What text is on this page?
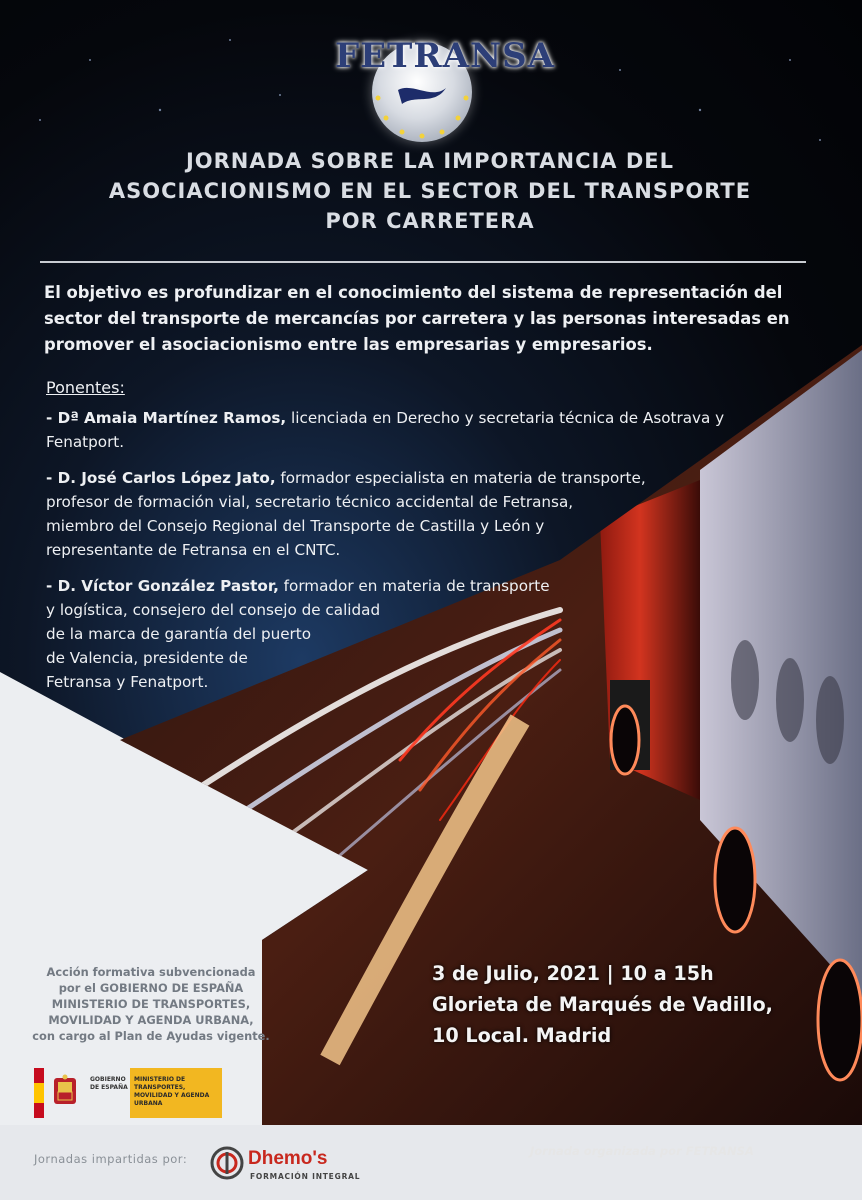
FETRANSA
JORNADA SOBRE LA IMPORTANCIA DEL
ASOCIACIONISMO EN EL SECTOR DEL TRANSPORTE
POR CARRETERA
El objetivo es profundizar en el conocimiento del sistema de representación del
sector del transporte de mercancías por carretera y las personas interesadas en
promover el asociacionismo entre las empresarias y empresarios.
Ponentes:
- Dª Amaia Martínez Ramos, licenciada en Derecho y secretaria técnica de Asotrava y
Fenatport.
- D. José Carlos López Jato, formador especialista en materia de transporte,
profesor de formación vial, secretario técnico accidental de Fetransa,
miembro del Consejo Regional del Transporte de Castilla y León y
representante de Fetransa en el CNTC.
- D. Víctor González Pastor, formador en materia de transporte
y logística, consejero del consejo de calidad
de la marca de garantía del puerto
de Valencia, presidente de
Fetransa y Fenatport.
3 de Julio, 2021 | 10 a 15h
Glorieta de Marqués de Vadillo,
10 Local. Madrid
Acción formativa subvencionada
por el GOBIERNO DE ESPAÑA
MINISTERIO DE TRANSPORTES,
MOVILIDAD Y AGENDA URBANA,
con cargo al Plan de Ayudas vigente.
GOBIERNO DE ESPAÑA
MINISTERIO DE TRANSPORTES, MOVILIDAD Y AGENDA URBANA
Jornadas impartidas por:	Dhemo's
FORMACIÓN INTEGRAL
Jornada organizada por FETRANSA
